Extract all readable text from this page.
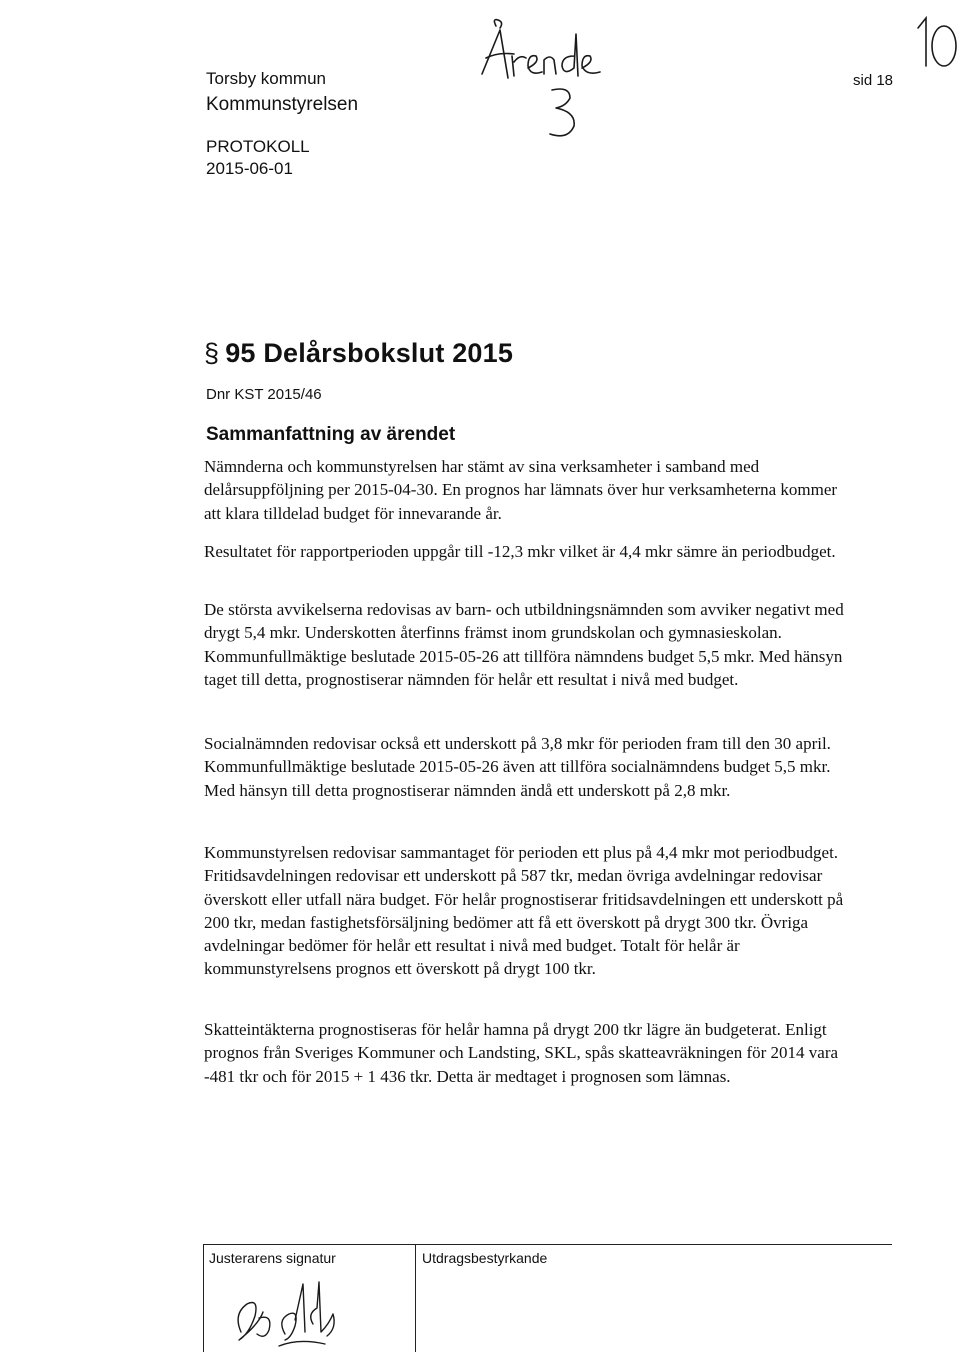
Torsby kommun
Kommunstyrelsen
PROTOKOLL
2015-06-01
sid 18
§ 95 Delårsbokslut 2015
Dnr KST 2015/46
Sammanfattning av ärendet

Nämnderna och kommunstyrelsen har stämt av sina verksamheter i samband med delårsuppföljning per 2015-04-30. En prognos har lämnats över hur verksamheterna kommer att klara tilldelad budget för innevarande år.

Resultatet för rapportperioden uppgår till -12,3 mkr vilket är 4,4 mkr sämre än periodbudget.

De största avvikelserna redovisas av barn- och utbildningsnämnden som avviker negativt med drygt 5,4 mkr. Underskotten återfinns främst inom grundskolan och gymnasieskolan. Kommunfullmäktige beslutade 2015-05-26 att tillföra nämndens budget 5,5 mkr. Med hänsyn taget till detta, prognostiserar nämnden för helår ett resultat i nivå med budget.

Socialnämnden redovisar också ett underskott på 3,8 mkr för perioden fram till den 30 april. Kommunfullmäktige beslutade 2015-05-26 även att tillföra socialnämndens budget 5,5 mkr. Med hänsyn till detta prognostiserar nämnden ändå ett underskott på 2,8 mkr.

Kommunstyrelsen redovisar sammantaget för perioden ett plus på 4,4 mkr mot periodbudget. Fritidsavdelningen redovisar ett underskott på 587 tkr, medan övriga avdelningar redovisar överskott eller utfall nära budget. För helår prognostiserar fritidsavdelningen ett underskott på 200 tkr, medan fastighetsförsäljning bedömer att få ett överskott på drygt 300 tkr. Övriga avdelningar bedömer för helår ett resultat i nivå med budget. Totalt för helår är kommunstyrelsens prognos ett överskott på drygt 100 tkr.

Skatteintäkterna prognostiseras för helår hamna på drygt 200 tkr lägre än budgeterat. Enligt prognos från Sveriges Kommuner och Landsting, SKL, spås skatteavräkningen för 2014 vara -481 tkr och för 2015 + 1 436 tkr. Detta är medtaget i prognosen som lämnas.

Justerarens signatur	Utdragsbestyrkande
